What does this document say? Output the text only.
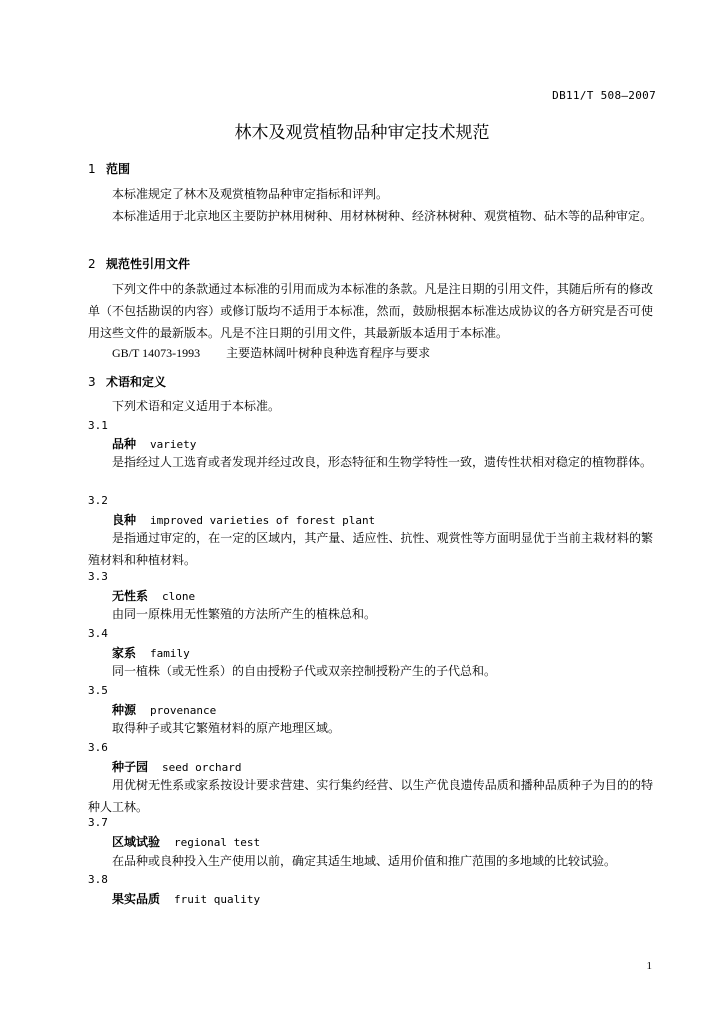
DB11/T 508—2007
林木及观赏植物品种审定技术规范
1 范围
本标准规定了林木及观赏植物品种审定指标和评判。
本标准适用于北京地区主要防护林用树种、用材林树种、经济林树种、观赏植物、砧木等的品种审定。
2 规范性引用文件
下列文件中的条款通过本标准的引用而成为本标准的条款。凡是注日期的引用文件，其随后所有的修改单（不包括勘误的内容）或修订版均不适用于本标准，然而，鼓励根据本标准达成协议的各方研究是否可使用这些文件的最新版本。凡是不注日期的引用文件，其最新版本适用于本标准。
GB/T 14073-1993 主要造林阔叶树种良种选育程序与要求
3 术语和定义
下列术语和定义适用于本标准。
3.1
品种 variety
是指经过人工选育或者发现并经过改良，形态特征和生物学特性一致，遗传性状相对稳定的植物群体。
3.2
良种 improved varieties of forest plant
是指通过审定的，在一定的区域内，其产量、适应性、抗性、观赏性等方面明显优于当前主栽材料的繁殖材料和种植材料。
3.3
无性系 clone
由同一原株用无性繁殖的方法所产生的植株总和。
3.4
家系 family
同一植株（或无性系）的自由授粉子代或双亲控制授粉产生的子代总和。
3.5
种源 provenance
取得种子或其它繁殖材料的原产地理区域。
3.6
种子园 seed orchard
用优树无性系或家系按设计要求营建、实行集约经营、以生产优良遗传品质和播种品质种子为目的的特种人工林。
3.7
区域试验 regional test
在品种或良种投入生产使用以前，确定其适生地域、适用价值和推广范围的多地域的比较试验。
3.8
果实品质 fruit quality
1
